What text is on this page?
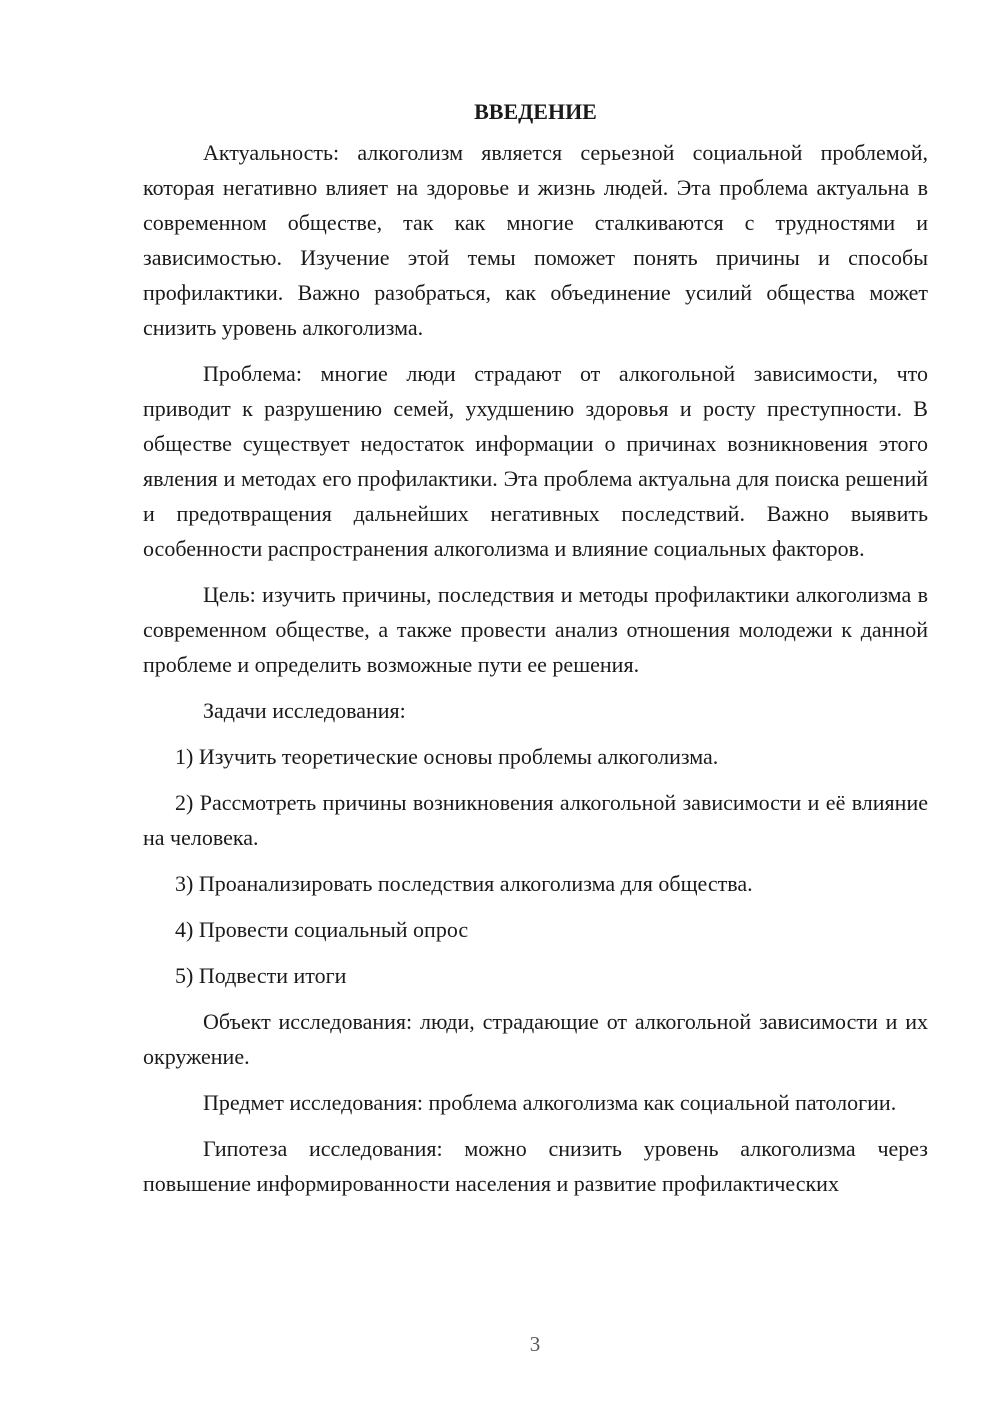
ВВЕДЕНИЕ

Актуальность: алкоголизм является серьезной социальной проблемой, которая негативно влияет на здоровье и жизнь людей. Эта проблема актуальна в современном обществе, так как многие сталкиваются с трудностями и зависимостью. Изучение этой темы поможет понять причины и способы профилактики. Важно разобраться, как объединение усилий общества может снизить уровень алкоголизма.

Проблема: многие люди страдают от алкогольной зависимости, что приводит к разрушению семей, ухудшению здоровья и росту преступности. В обществе существует недостаток информации о причинах возникновения этого явления и методах его профилактики. Эта проблема актуальна для поиска решений и предотвращения дальнейших негативных последствий. Важно выявить особенности распространения алкоголизма и влияние социальных факторов.

Цель: изучить причины, последствия и методы профилактики алкоголизма в современном обществе, а также провести анализ отношения молодежи к данной проблеме и определить возможные пути ее решения.

Задачи исследования:

1) Изучить теоретические основы проблемы алкоголизма.

2) Рассмотреть причины возникновения алкогольной зависимости и её влияние на человека.

3) Проанализировать последствия алкоголизма для общества.

4) Провести социальный опрос

5) Подвести итоги

Объект исследования: люди, страдающие от алкогольной зависимости и их окружение.

Предмет исследования: проблема алкоголизма как социальной патологии.

Гипотеза исследования: можно снизить уровень алкоголизма через повышение информированности населения и развитие профилактических

3
